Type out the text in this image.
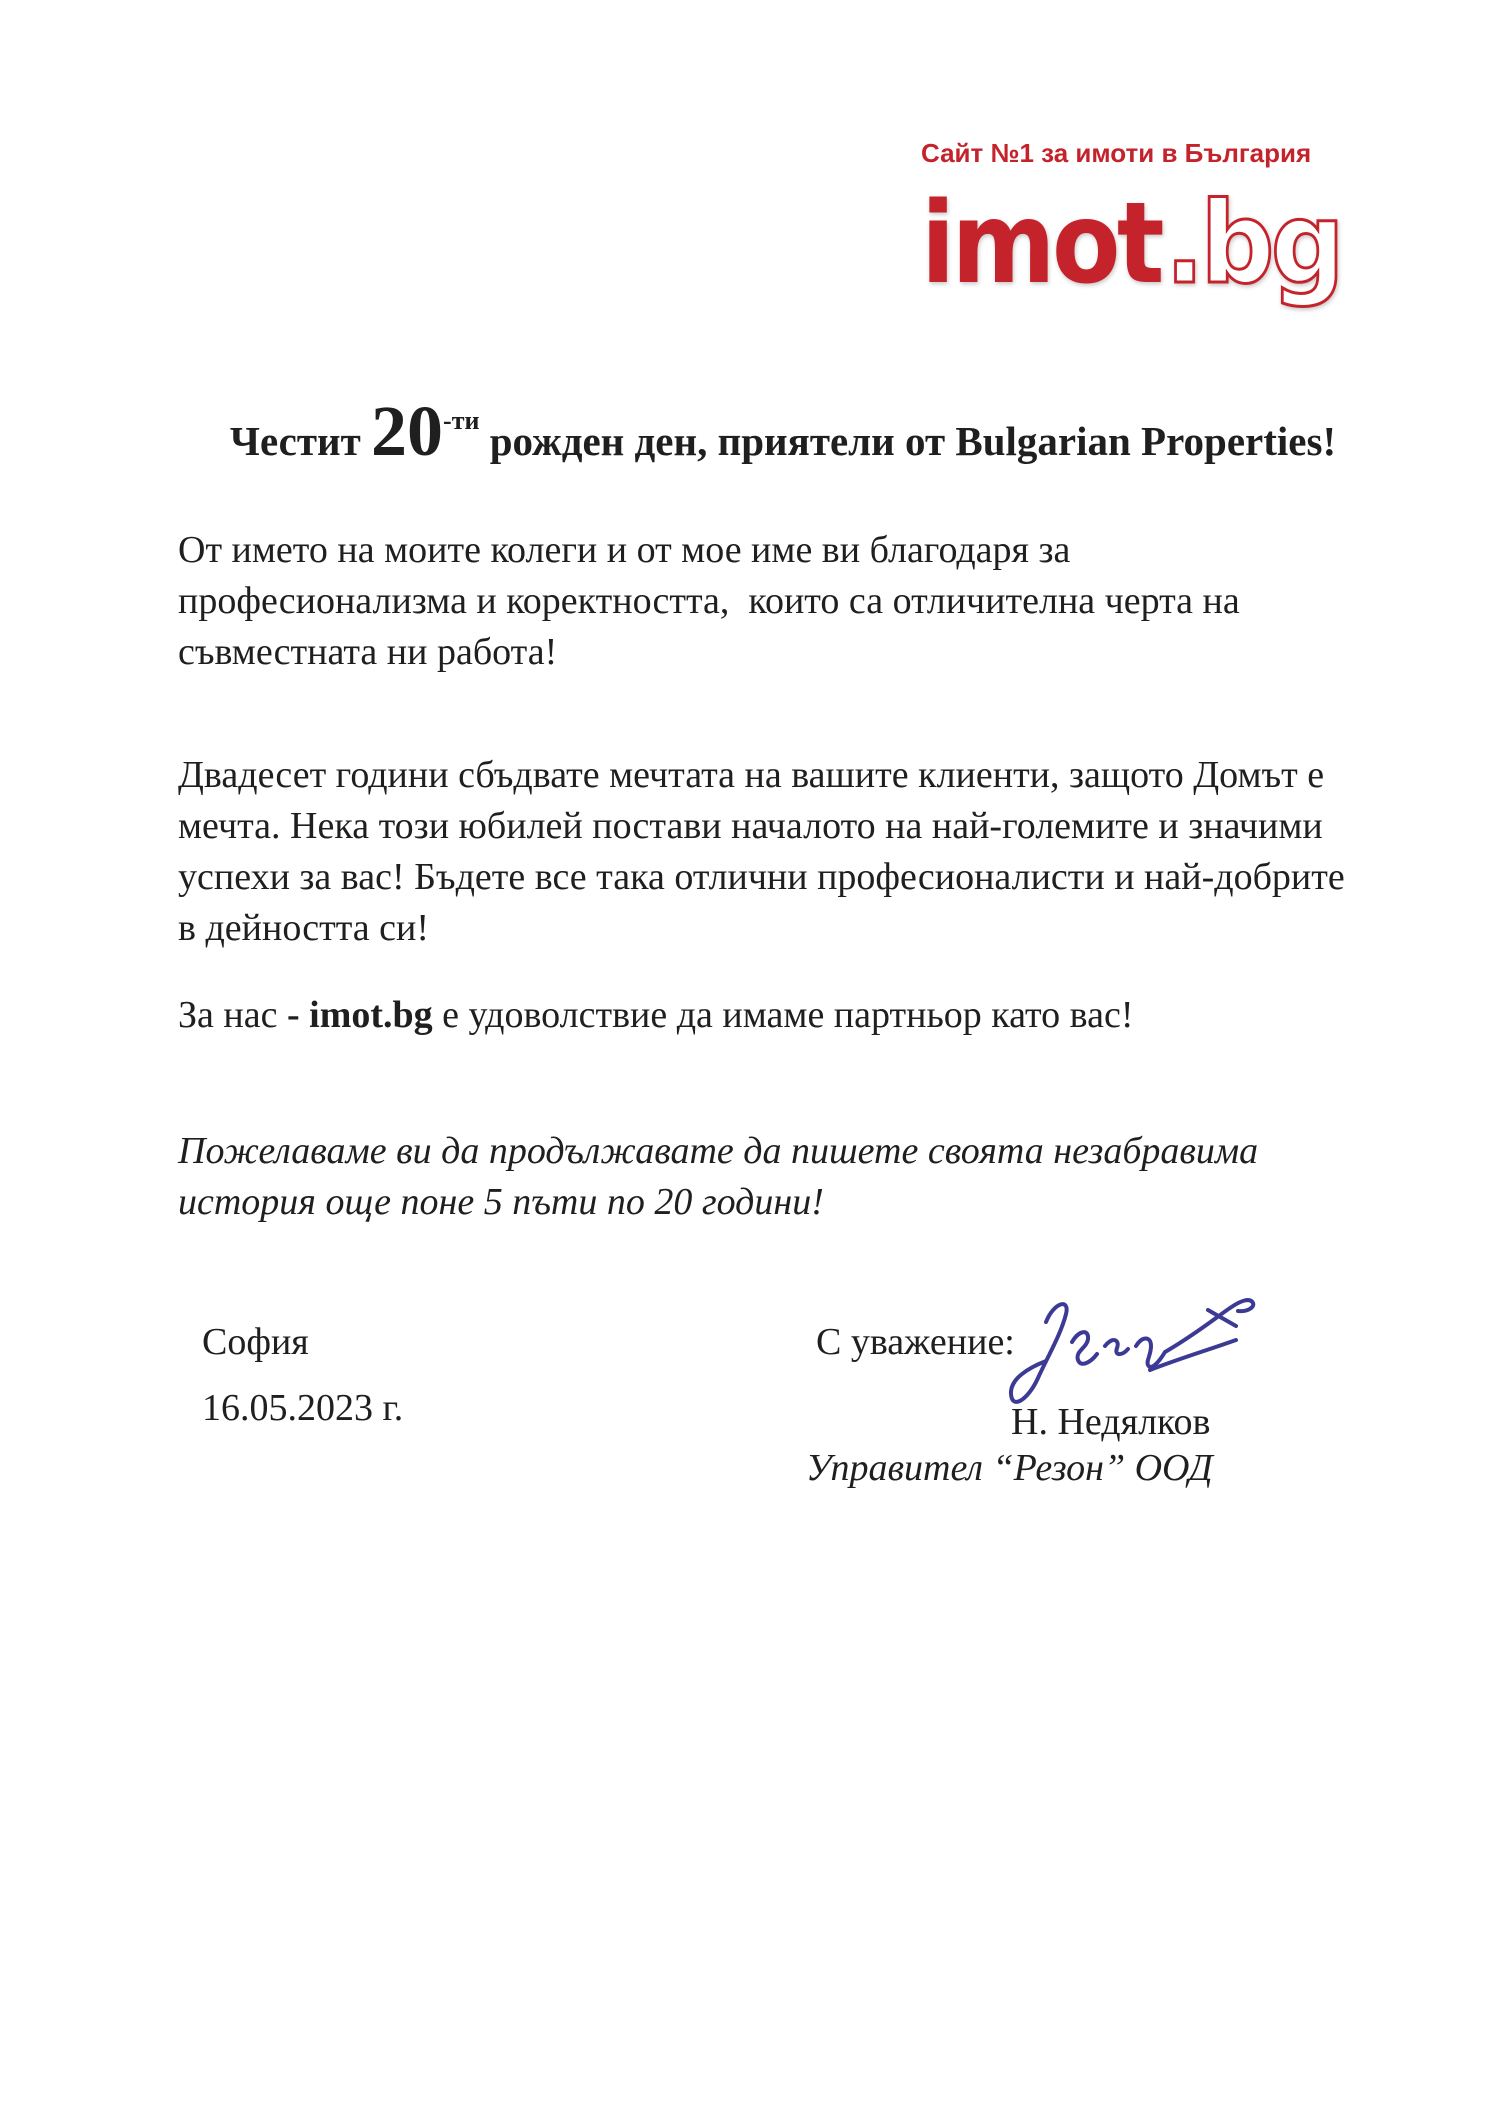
Сайт №1 за имоти в България
imot .bg
Честит $20^{-ти}$ рожден ден, приятели от Bulgarian Properties!
От името на моите колеги и от мое име ви благодаря за
професионализма и коректността,  които са отличителна черта на
съвместната ни работа!
Двадесет години сбъдвате мечтата на вашите клиенти, защото Домът е
мечта. Нека този юбилей постави началото на най-големите и значими
успехи за вас! Бъдете все така отлични професионалисти и най-добрите
в дейността си!
За нас - imot.bg е удоволствие да имаме партньор като вас!
Пожелаваме ви да продължавате да пишете своята незабравима
история още поне 5 пъти по 20 години!
София
16.05.2023 г.
С уважение:
Н. Недялков
Управител “Резон” ООД
